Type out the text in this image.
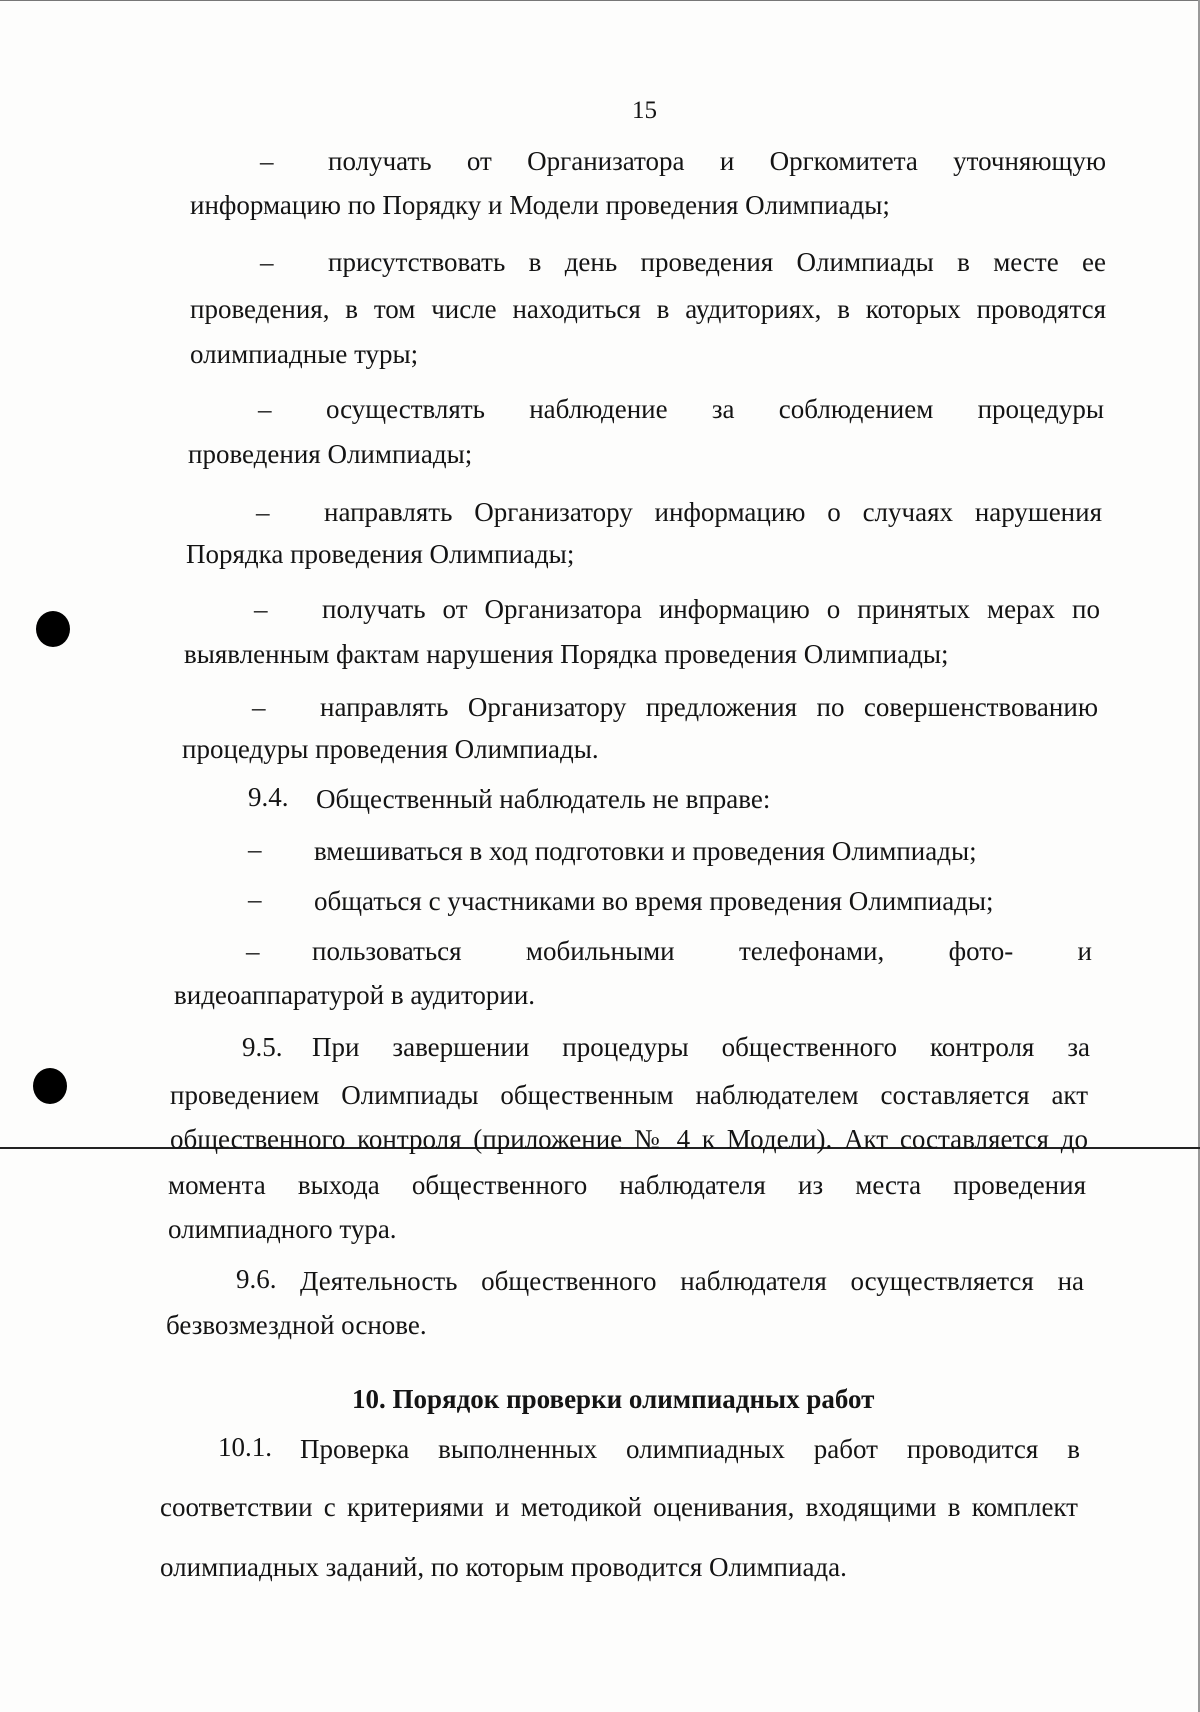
15
– получать от Организатора и Оргкомитета уточняющую
информацию по Порядку и Модели проведения Олимпиады;
– присутствовать в день проведения Олимпиады в месте ее
проведения, в том числе находиться в аудиториях, в которых проводятся
олимпиадные туры;
– осуществлять наблюдение за соблюдением процедуры
проведения Олимпиады;
– направлять Организатору информацию о случаях нарушения
Порядка проведения Олимпиады;
– получать от Организатора информацию о принятых мерах по
выявленным фактам нарушения Порядка проведения Олимпиады;
– направлять Организатору предложения по совершенствованию
процедуры проведения Олимпиады.
9.4. Общественный наблюдатель не вправе:
– вмешиваться в ход подготовки и проведения Олимпиады;
– общаться с участниками во время проведения Олимпиады;
– пользоваться мобильными телефонами, фото- и
видеоаппаратурой в аудитории.
9.5. При завершении процедуры общественного контроля за
проведением Олимпиады общественным наблюдателем составляется акт
общественного контроля (приложение № 4 к Модели). Акт составляется до
момента выхода общественного наблюдателя из места проведения
олимпиадного тура.
9.6. Деятельность общественного наблюдателя осуществляется на
безвозмездной основе.
10. Порядок проверки олимпиадных работ
10.1. Проверка выполненных олимпиадных работ проводится в
соответствии с критериями и методикой оценивания, входящими в комплект
олимпиадных заданий, по которым проводится Олимпиада.
